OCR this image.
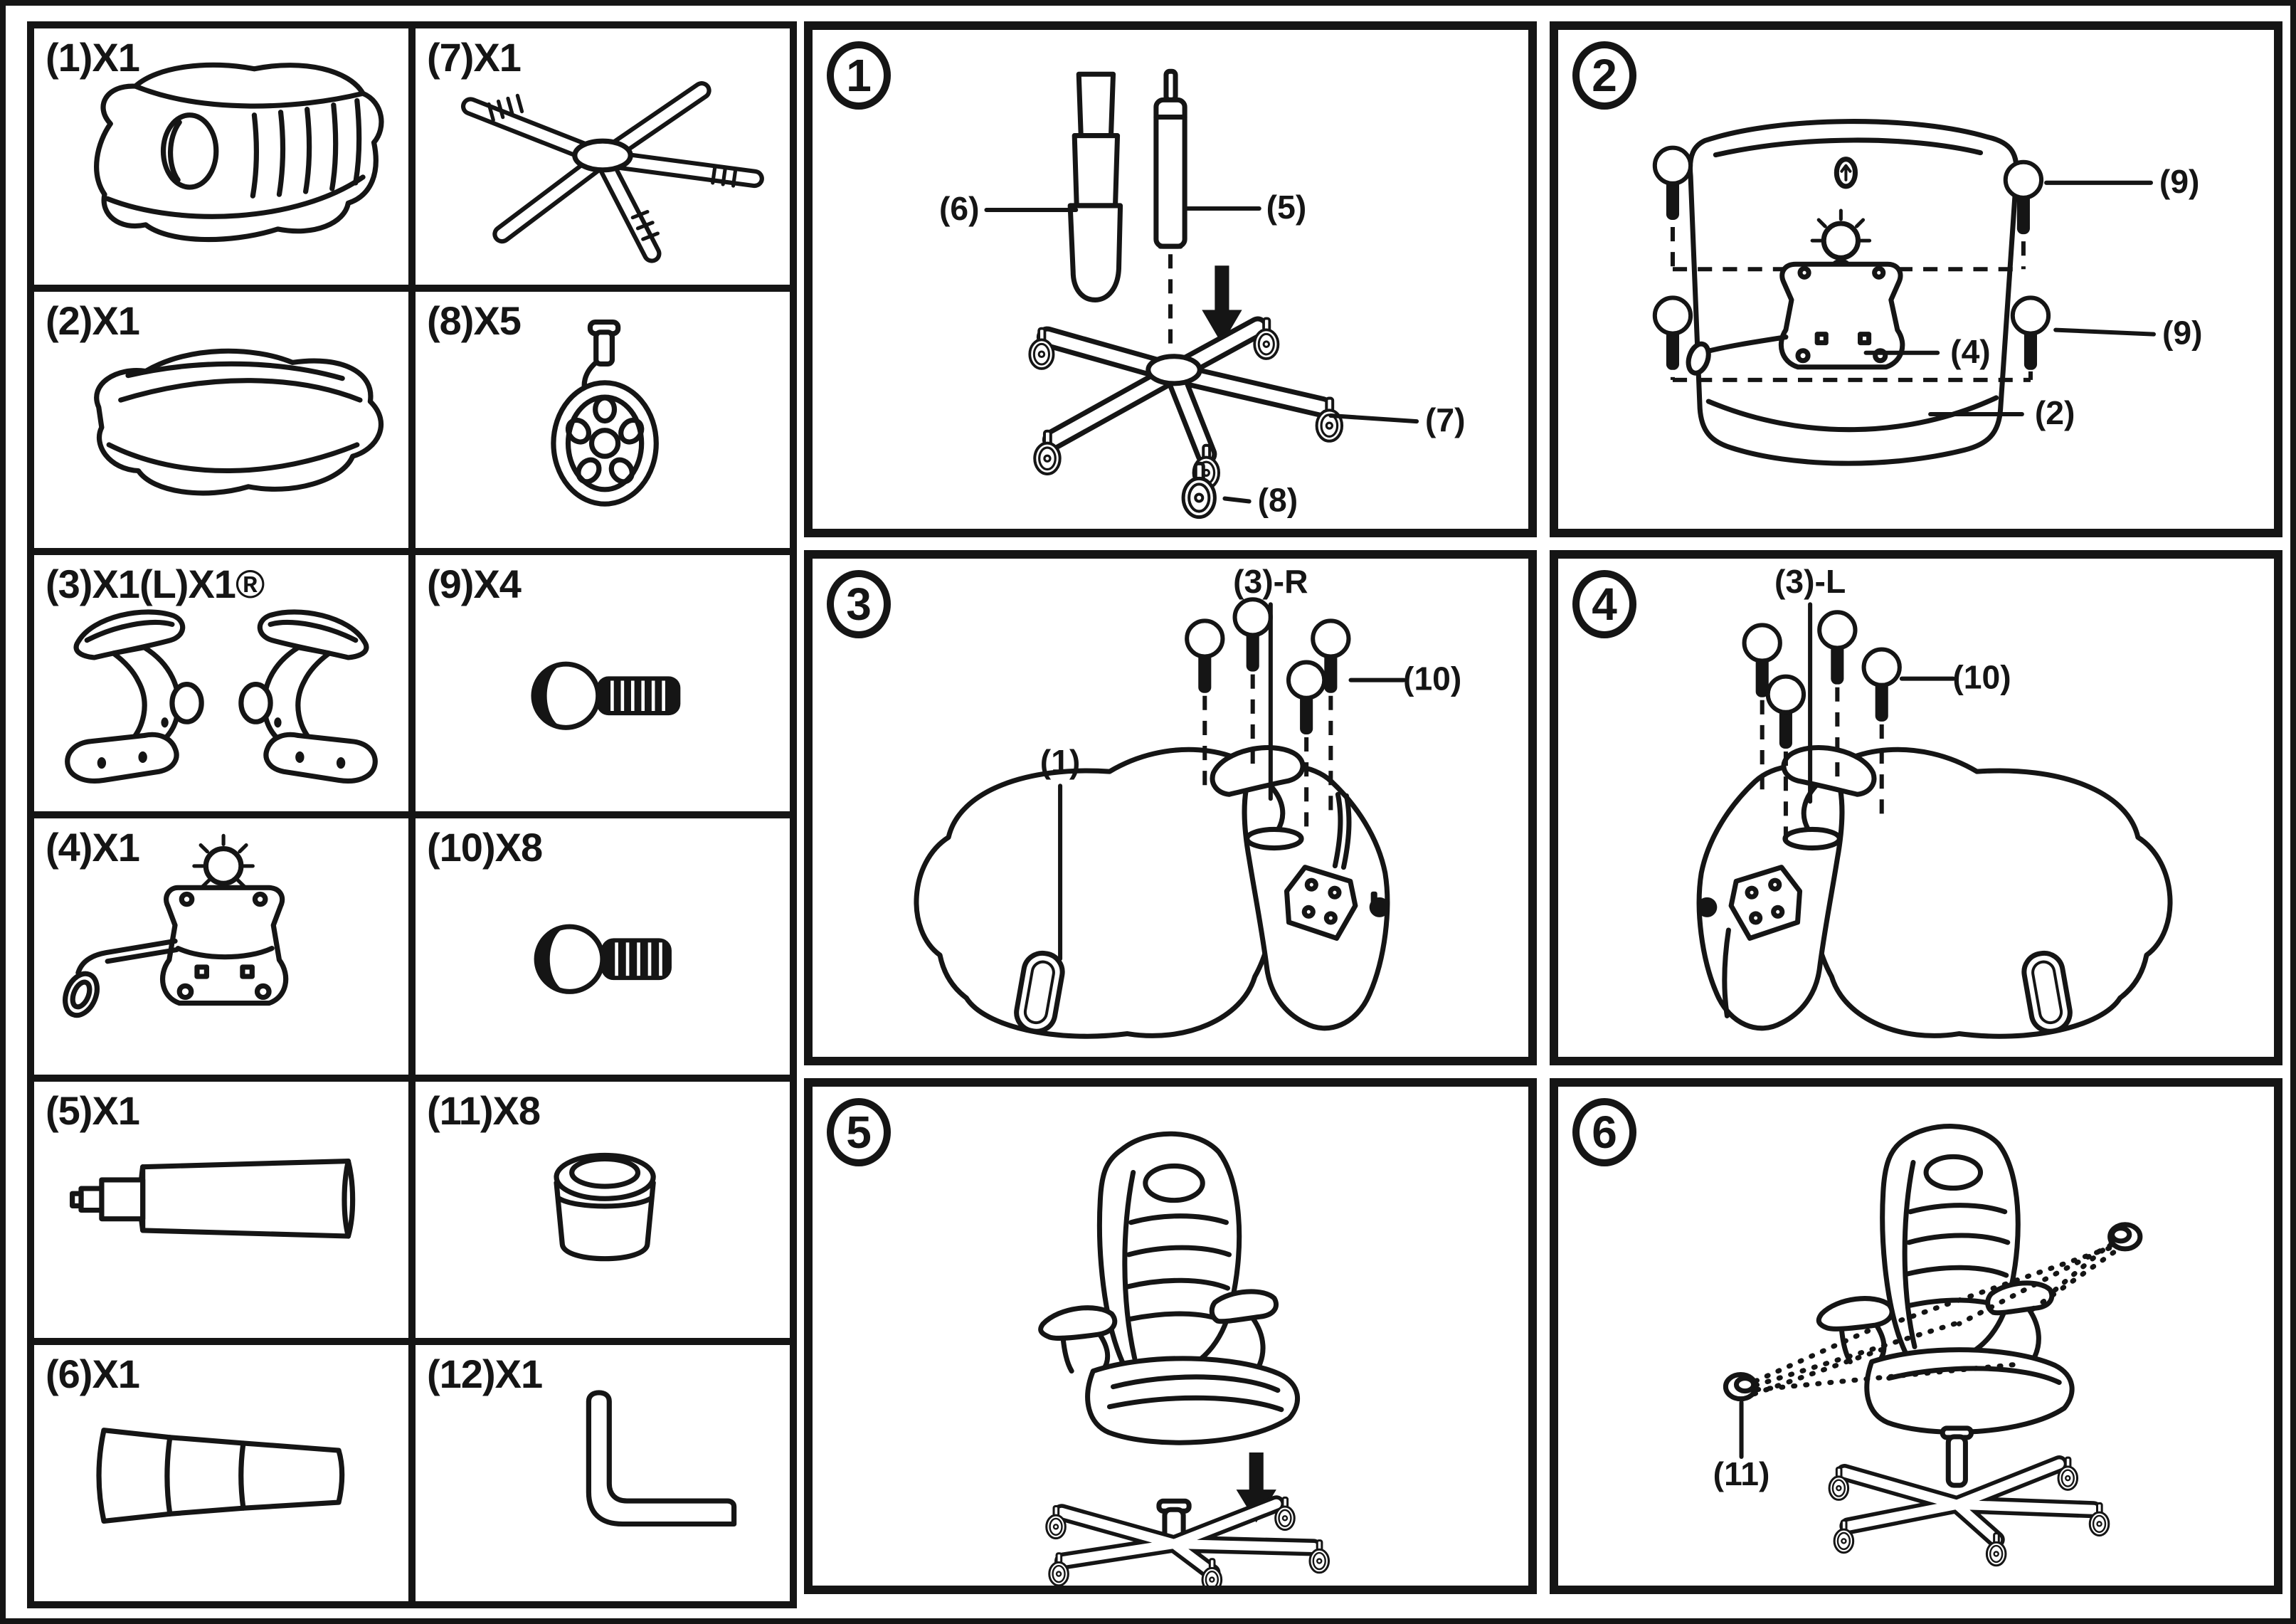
(1)X1	(7)X1
(2)X1	(8)X5
(3)X1(L)X1®	(9)X4
(4)X1	(10)X8
(5)X1	(11)X8
(6)X1	(12)X1
1
(6)	(5)
(7)
(8)
2
(9)
(9)
(4)
(2)
3	(3)-R
(10)
(1)
4	(3)-L
(10)
5	6
(11)
